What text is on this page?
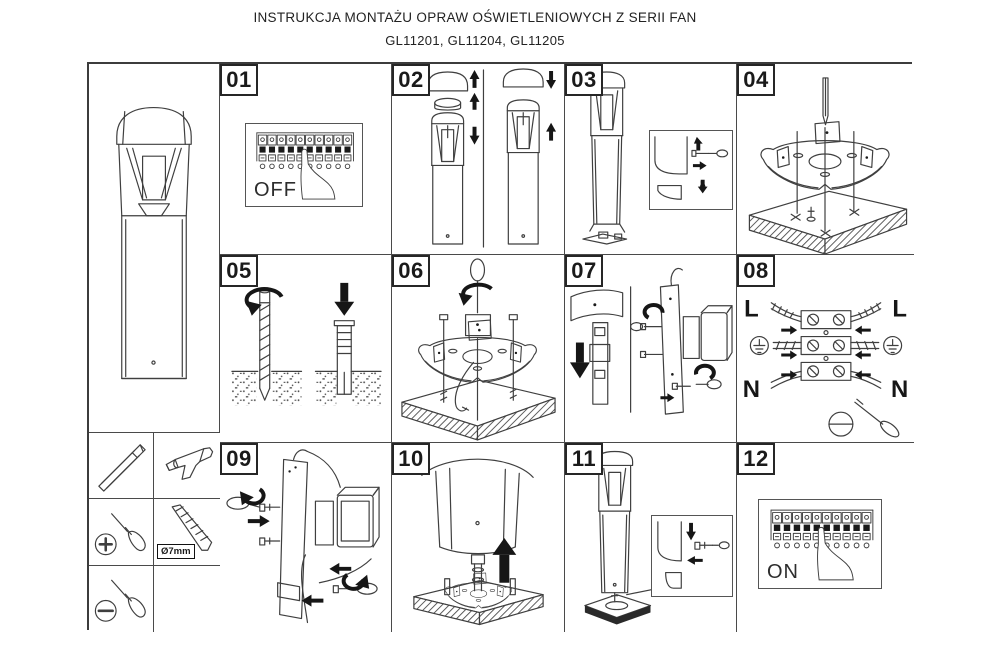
INSTRUKCJA MONTAŻU OPRAW OŚWIETLENIOWYCH Z SERII FAN
GL11201, GL11204, GL11205
Ø7mm
01
OFF
02	03	04
05	06	07	08
L	L
N	N
09	10	11	12
ON
